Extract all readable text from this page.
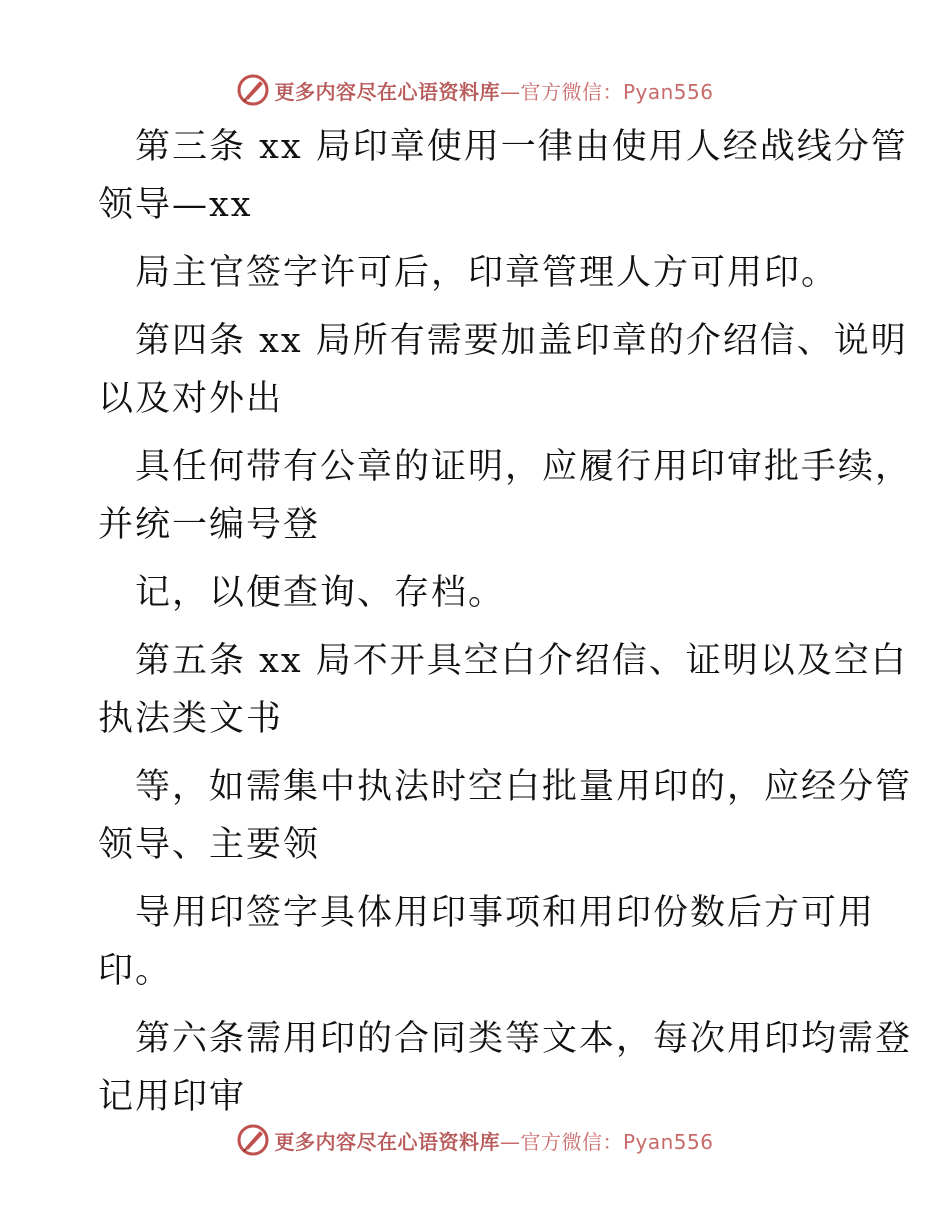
更多内容尽在心语资料库—官方微信：Pyan556
第三条 xx 局印章使用一律由使用人经战线分管
领导—xx
局主官签字许可后，印章管理人方可用印。
第四条 xx 局所有需要加盖印章的介绍信、说明
以及对外出
具任何带有公章的证明，应履行用印审批手续，
并统一编号登
记，以便查询、存档。
第五条 xx 局不开具空白介绍信、证明以及空白
执法类文书
等，如需集中执法时空白批量用印的，应经分管
领导、主要领
导用印签字具体用印事项和用印份数后方可用
印。
第六条需用印的合同类等文本，每次用印均需登
记用印审
更多内容尽在心语资料库—官方微信：Pyan556
